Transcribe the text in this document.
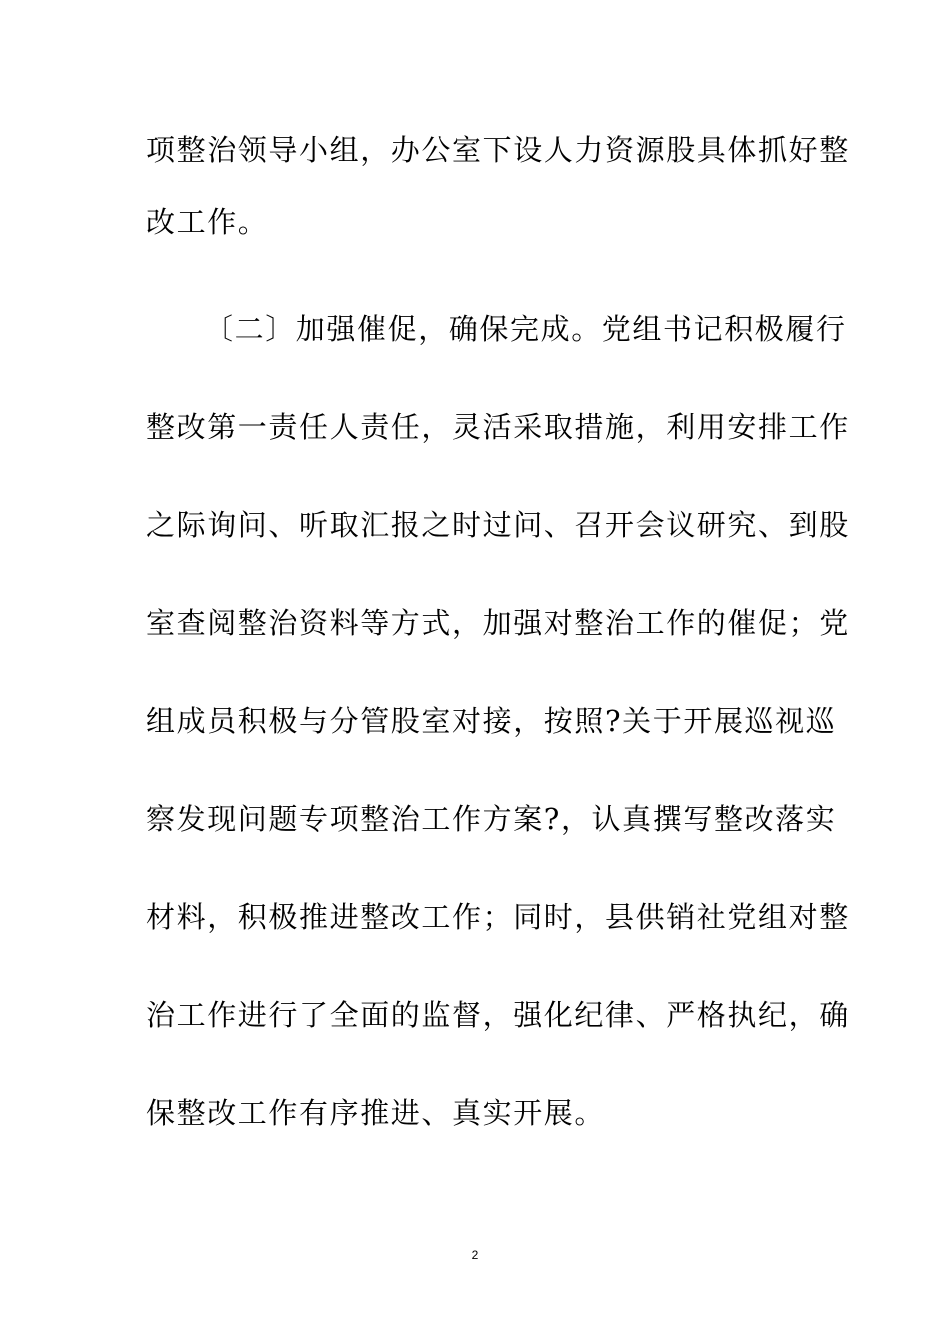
项整治领导小组，办公室下设人力资源股具体抓好整
改工作。
〔二〕加强催促，确保完成。党组书记积极履行
整改第一责任人责任，灵活采取措施，利用安排工作
之际询问、听取汇报之时过问、召开会议研究、到股
室查阅整治资料等方式，加强对整治工作的催促；党
组成员积极与分管股室对接，按照?关于开展巡视巡
察发现问题专项整治工作方案?，认真撰写整改落实
材料，积极推进整改工作；同时，县供销社党组对整
治工作进行了全面的监督，强化纪律、严格执纪，确
保整改工作有序推进、真实开展。
2
